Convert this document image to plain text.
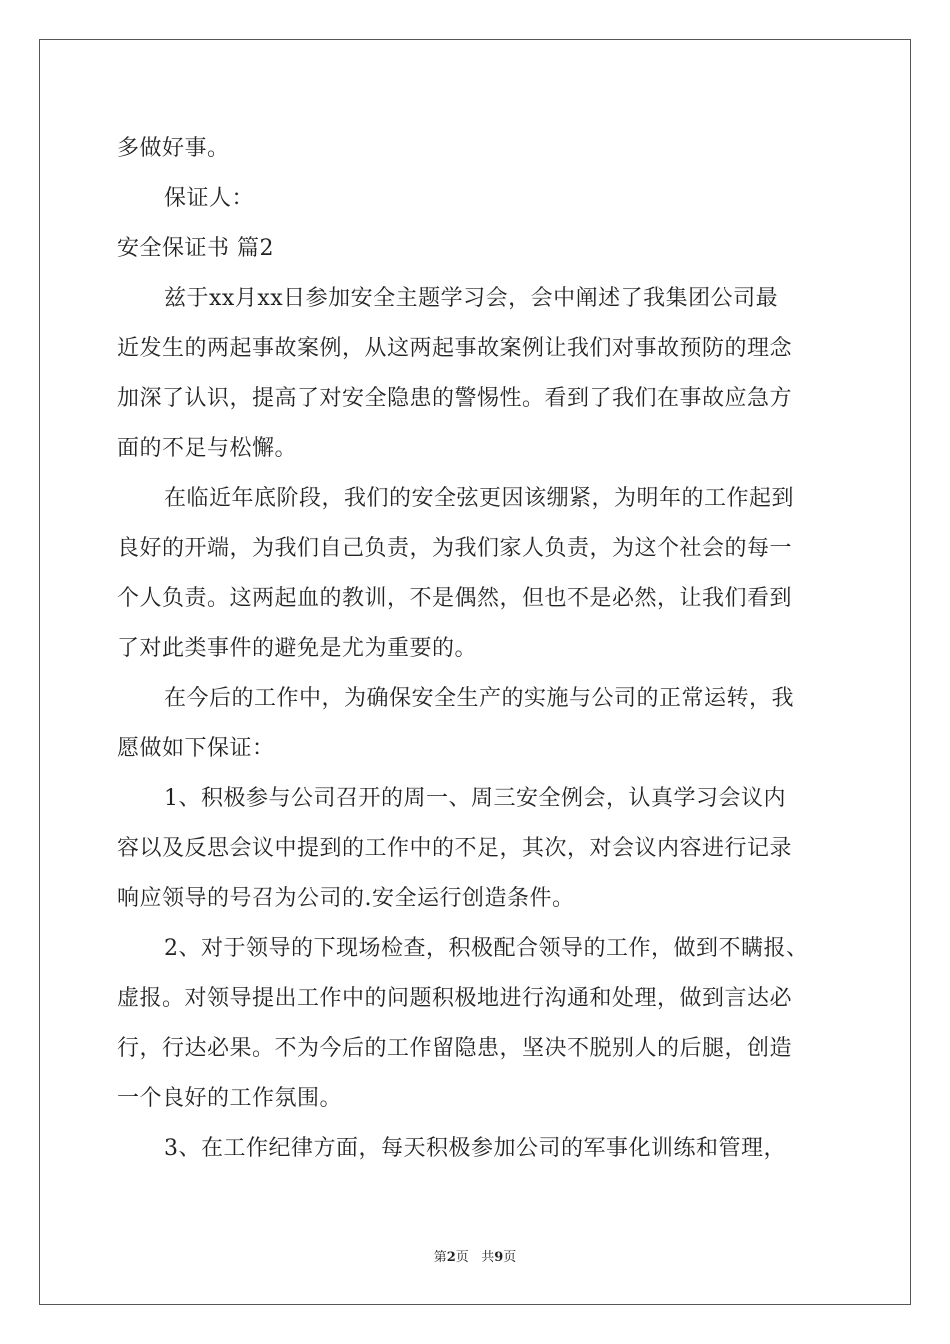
多做好事。
保证人：
安全保证书 篇2
兹于xx月xx日参加安全主题学习会，会中阐述了我集团公司最
近发生的两起事故案例，从这两起事故案例让我们对事故预防的理念
加深了认识，提高了对安全隐患的警惕性。看到了我们在事故应急方
面的不足与松懈。
在临近年底阶段，我们的安全弦更因该绷紧，为明年的工作起到
良好的开端，为我们自己负责，为我们家人负责，为这个社会的每一
个人负责。这两起血的教训，不是偶然，但也不是必然，让我们看到
了对此类事件的避免是尤为重要的。
在今后的工作中，为确保安全生产的实施与公司的正常运转，我
愿做如下保证：
1、积极参与公司召开的周一、周三安全例会，认真学习会议内
容以及反思会议中提到的工作中的不足，其次，对会议内容进行记录
响应领导的号召为公司的.安全运行创造条件。
2、对于领导的下现场检查，积极配合领导的工作，做到不瞒报、
虚报。对领导提出工作中的问题积极地进行沟通和处理，做到言达必
行，行达必果。不为今后的工作留隐患，坚决不脱别人的后腿，创造
一个良好的工作氛围。
3、在工作纪律方面，每天积极参加公司的军事化训练和管理，
第2页 共9页
